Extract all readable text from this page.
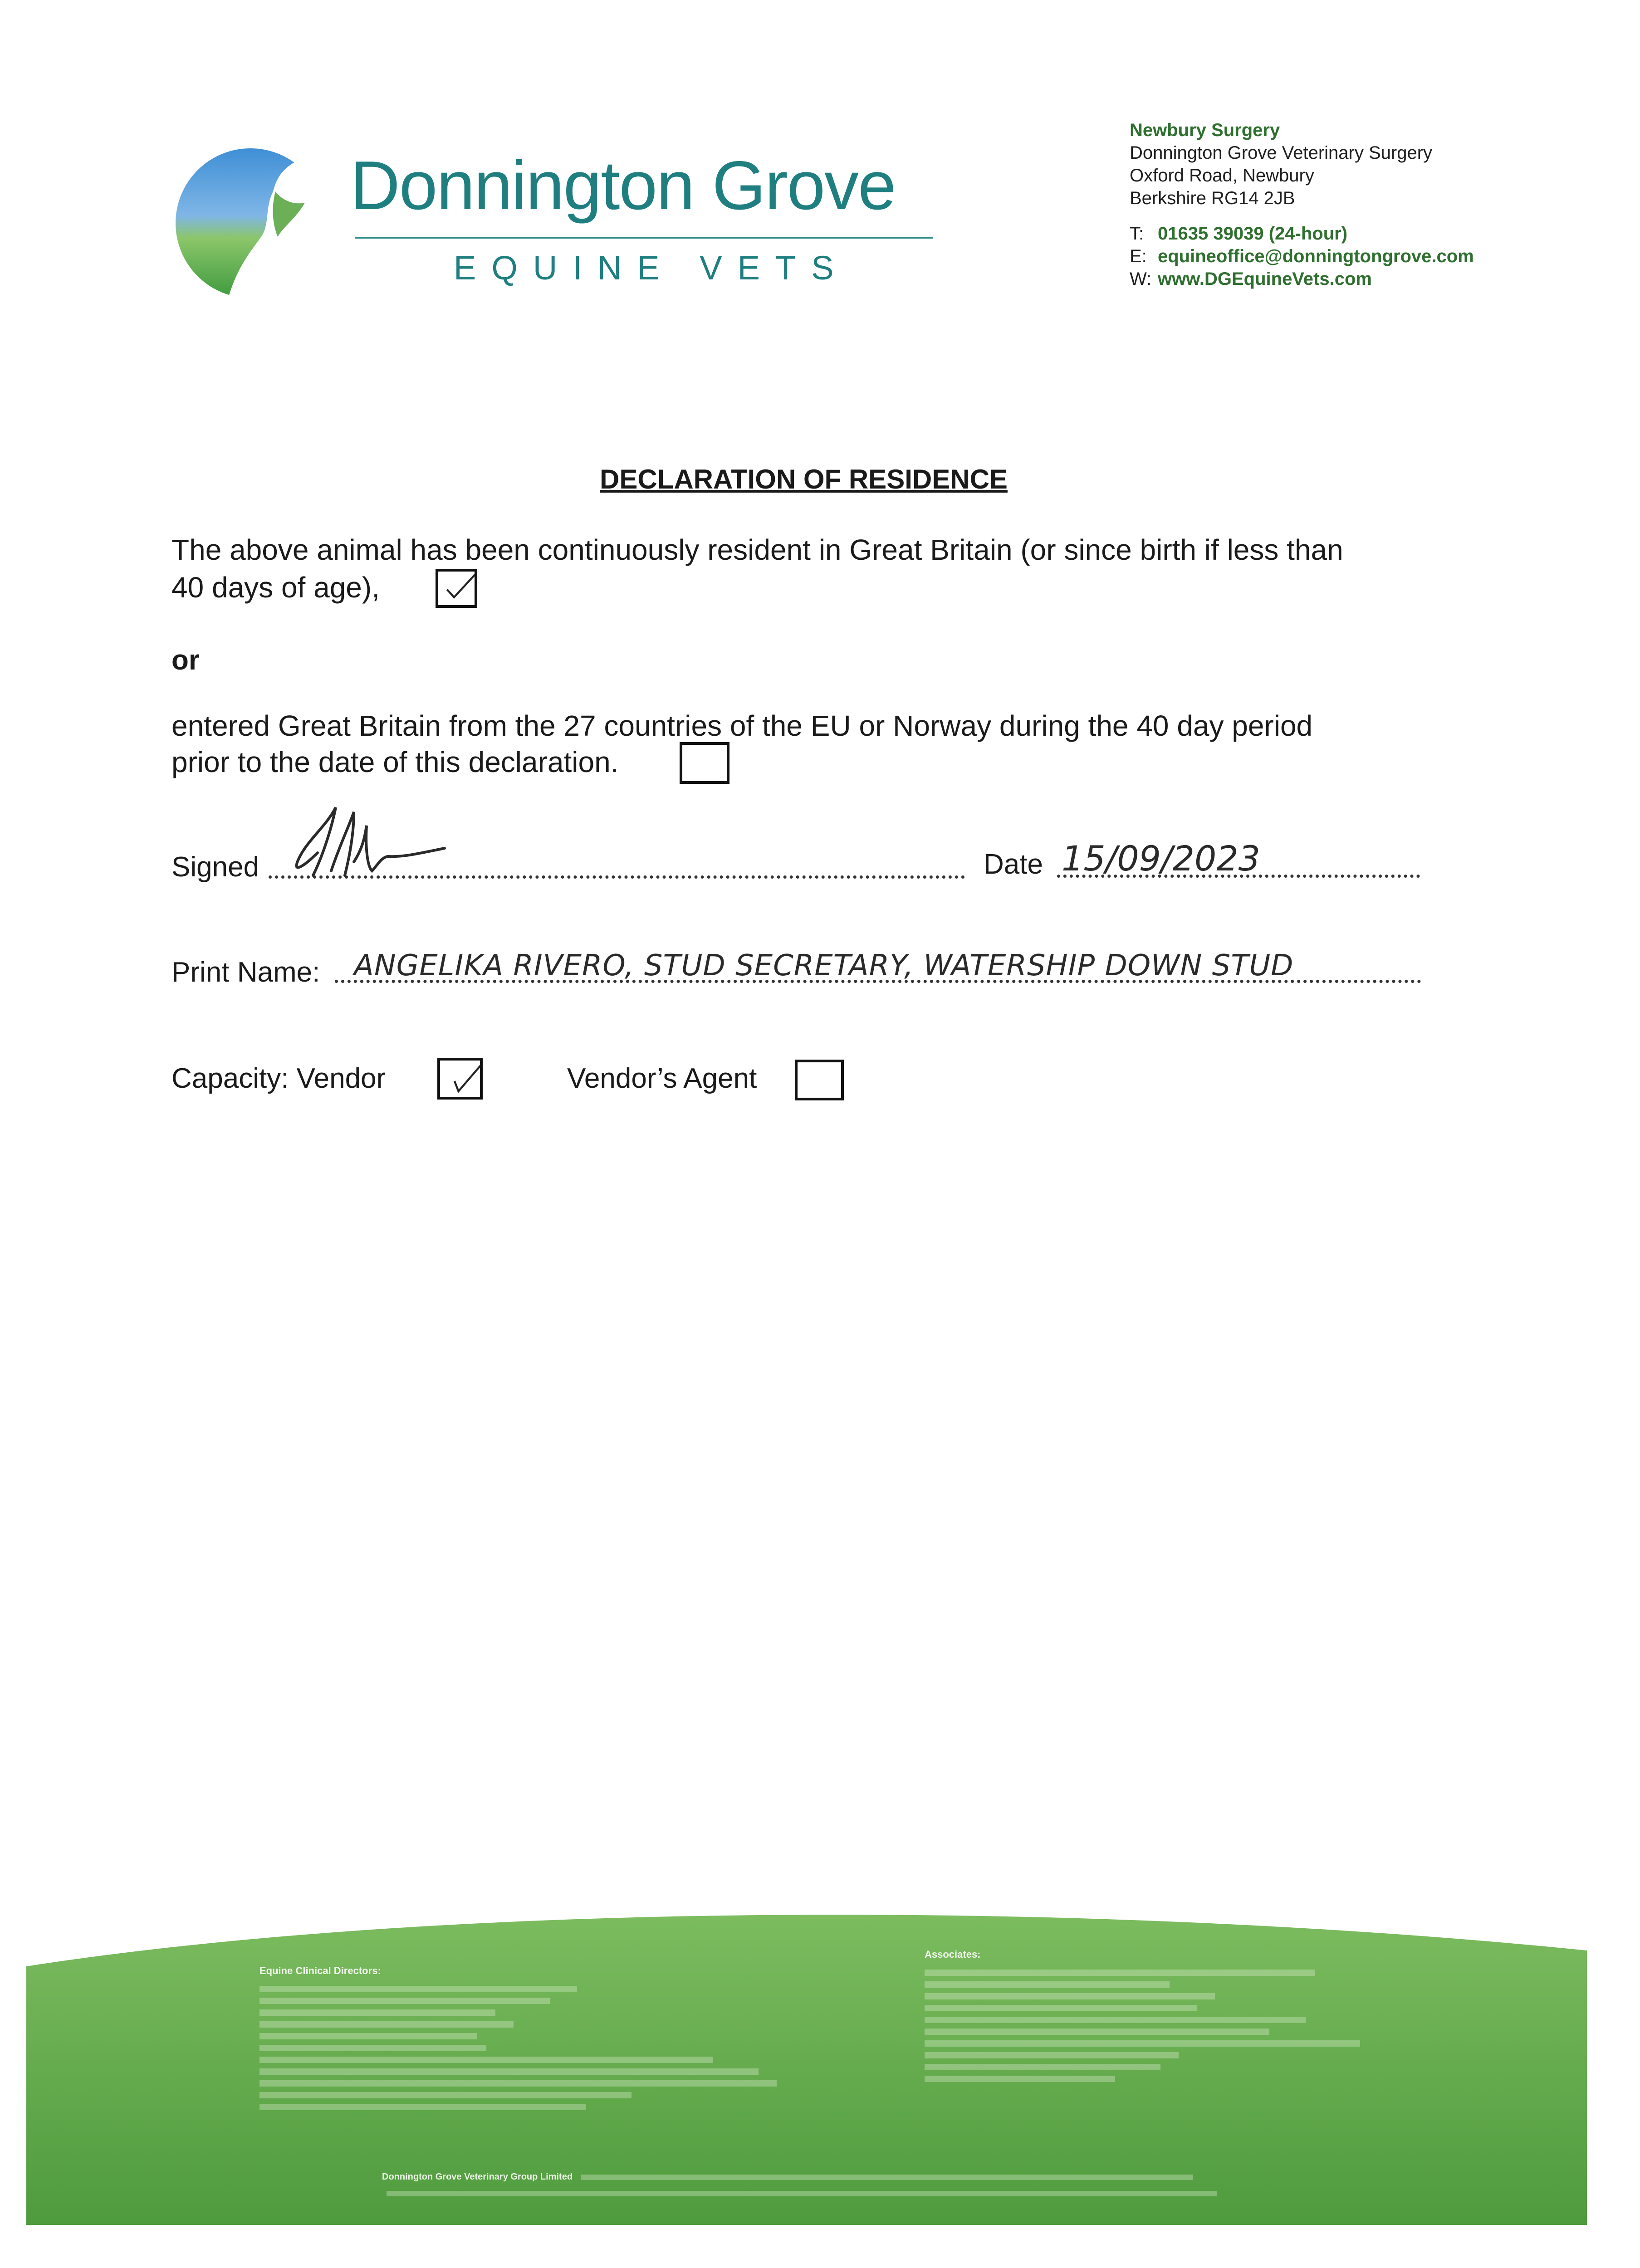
Donnington Grove
EQUINE VETS
Newbury Surgery
Donnington Grove Veterinary Surgery
Oxford Road, Newbury
Berkshire RG14 2JB
T: 01635 39039 (24-hour)
E: equineoffice@donningtongrove.com
W: www.DGEquineVets.com
DECLARATION OF RESIDENCE
The above animal has been continuously resident in Great Britain (or since birth if less than
40 days of age),
or
entered Great Britain from the 27 countries of the EU or Norway during the 40 day period
prior to the date of this declaration.
Signed	Date 15/09/2023
Print Name: ANGELIKA RIVERO, STUD SECRETARY, WATERSHIP DOWN STUD
Capacity: Vendor	Vendor’s Agent
Equine Clinical Directors:
Associates:
Donnington Grove Veterinary Group Limited
